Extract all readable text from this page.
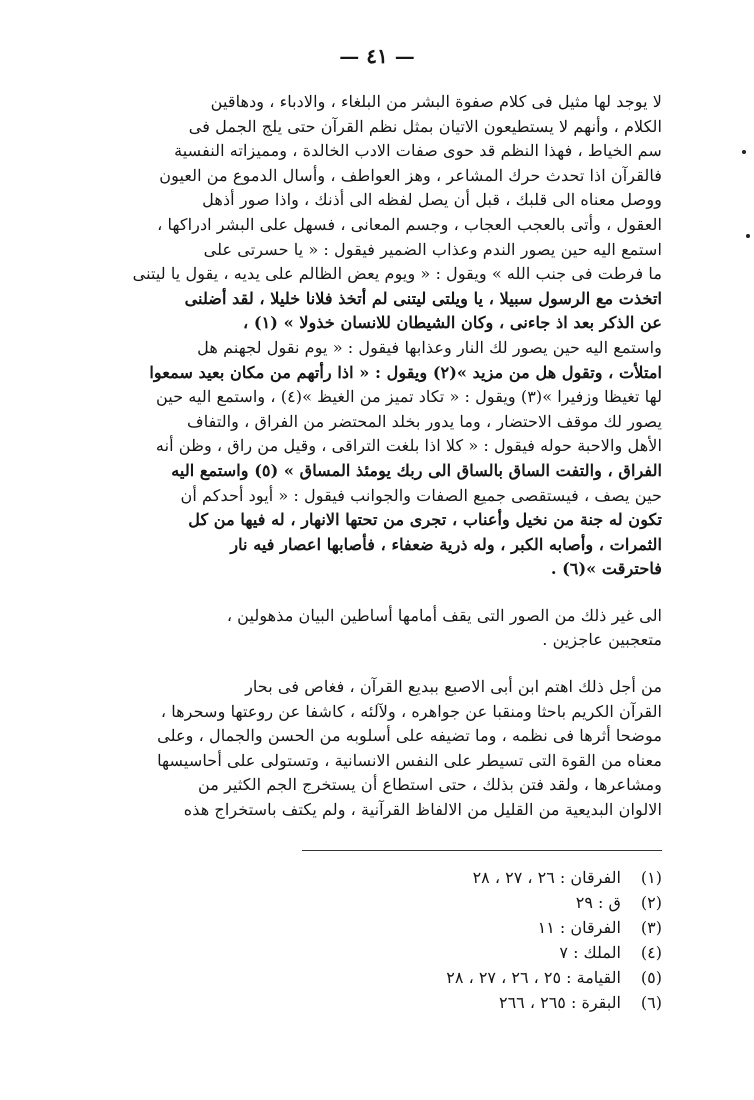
— ٤١ —
لا يوجد لها مثيل فى كلام صفوة البشر من البلغاء ، والادباء ، ودهاقين
الكلام ، وأنهم لا يستطيعون الاتيان بمثل نظم القرآن حتى يلج الجمل فى
سم الخياط ، فهذا النظم قد حوى صفات الادب الخالدة ، ومميزاته النفسية
فالقرآن اذا تحدث حرك المشاعر ، وهز العواطف ، وأسال الدموع من العيون
ووصل معناه الى قلبك ، قبل أن يصل لفظه الى أذنك ، واذا صور أذهل
العقول ، وأتى بالعجب العجاب ، وجسم المعانى ، فسهل على البشر ادراكها ،
استمع اليه حين يصور الندم وعذاب الضمير فيقول : « يا حسرتى على
ما فرطت فى جنب الله » ويقول : « ويوم يعض الظالم على يديه ، يقول يا ليتنى
اتخذت مع الرسول سبيلا ، يا ويلتى ليتنى لم أتخذ فلانا خليلا ، لقد أضلنى
عن الذكر بعد اذ جاءنى ، وكان الشيطان للانسان خذولا » (١) ،
واستمع اليه حين يصور لك النار وعذابها فيقول : « يوم نقول لجهنم هل
امتلأت ، وتقول هل من مزيد »(٢) ويقول : « اذا رأتهم من مكان بعيد سمعوا
لها تغيظا وزفيرا »(٣) ويقول : « تكاد تميز من الغيظ »(٤) ، واستمع اليه حين
يصور لك موقف الاحتضار ، وما يدور بخلد المحتضر من الفراق ، والتفاف
الأهل والاحبة حوله فيقول : « كلا اذا بلغت التراقى ، وقيل من راق ، وظن أنه
الفراق ، والتفت الساق بالساق الى ربك يومئذ المساق » (٥) واستمع اليه
حين يصف ، فيستقصى جميع الصفات والجوانب فيقول : « أيود أحدكم أن
تكون له جنة من نخيل وأعناب ، تجرى من تحتها الانهار ، له فيها من كل
الثمرات ، وأصابه الكبر ، وله ذرية ضعفاء ، فأصابها اعصار فيه نار
فاحترقت »(٦) .
الى غير ذلك من الصور التى يقف أمامها أساطين البيان مذهولين ،
متعجبين عاجزين .
من أجل ذلك اهتم ابن أبى الاصبع ببديع القرآن ، فغاص فى بحار
القرآن الكريم باحثا ومنقبا عن جواهره ، ولآلئه ، كاشفا عن روعتها وسحرها ،
موضحا أثرها فى نظمه ، وما تضيفه على أسلوبه من الحسن والجمال ، وعلى
معناه من القوة التى تسيطر على النفس الانسانية ، وتستولى على أحاسيسها
ومشاعرها ، ولقد فتن بذلك ، حتى استطاع أن يستخرج الجم الكثير من
الالوان البديعية من القليل من الالفاظ القرآنية ، ولم يكتف باستخراج هذه
(١) الفرقان : ٢٦ ، ٢٧ ، ٢٨
(٢) ق : ٢٩
(٣) الفرقان : ١١
(٤) الملك : ٧
(٥) القيامة : ٢٥ ، ٢٦ ، ٢٧ ، ٢٨
(٦) البقرة : ٢٦٥ ، ٢٦٦
